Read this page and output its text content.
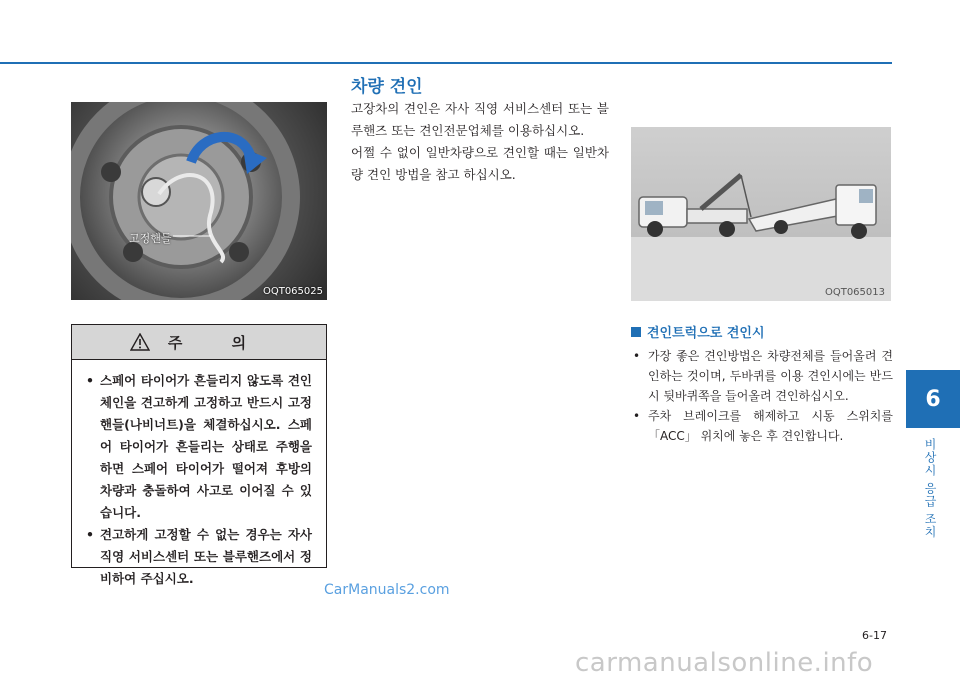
고정핸들
OQT065025
주 의
• 스페어 타이어가 흔들리지 않도록 견인체인을 견고하게 고정하고 반드시 고정핸들(나비너트)을 체결하십시오. 스페어 타이어가 흔들리는 상태로 주행을 하면 스페어 타이어가 떨어져 후방의 차량과 충돌하여 사고로 이어질 수 있습니다.
• 견고하게 고정할 수 없는 경우는 자사 직영 서비스센터 또는 블루핸즈에서 정비하여 주십시오.
차량 견인

고장차의 견인은 자사 직영 서비스센터 또는 블루핸즈 또는 견인전문업체를 이용하십시오.

어쩔 수 없이 일반차량으로 견인할 때는 일반차량 견인 방법을 참고 하십시오.

OQT065013
견인트럭으로 견인시
• 가장 좋은 견인방법은 차량전체를 들어올려 견인하는 것이며, 두바퀴를 이용 견인시에는 반드시 뒷바퀴쪽을 들어올려 견인하십시오.
• 주차 브레이크를 해제하고 시동 스위치를 「ACC」 위치에 놓은 후 견인합니다.
6
비상시 응급 조치
CarManuals2.com
6-17
carmanualsonline.info
